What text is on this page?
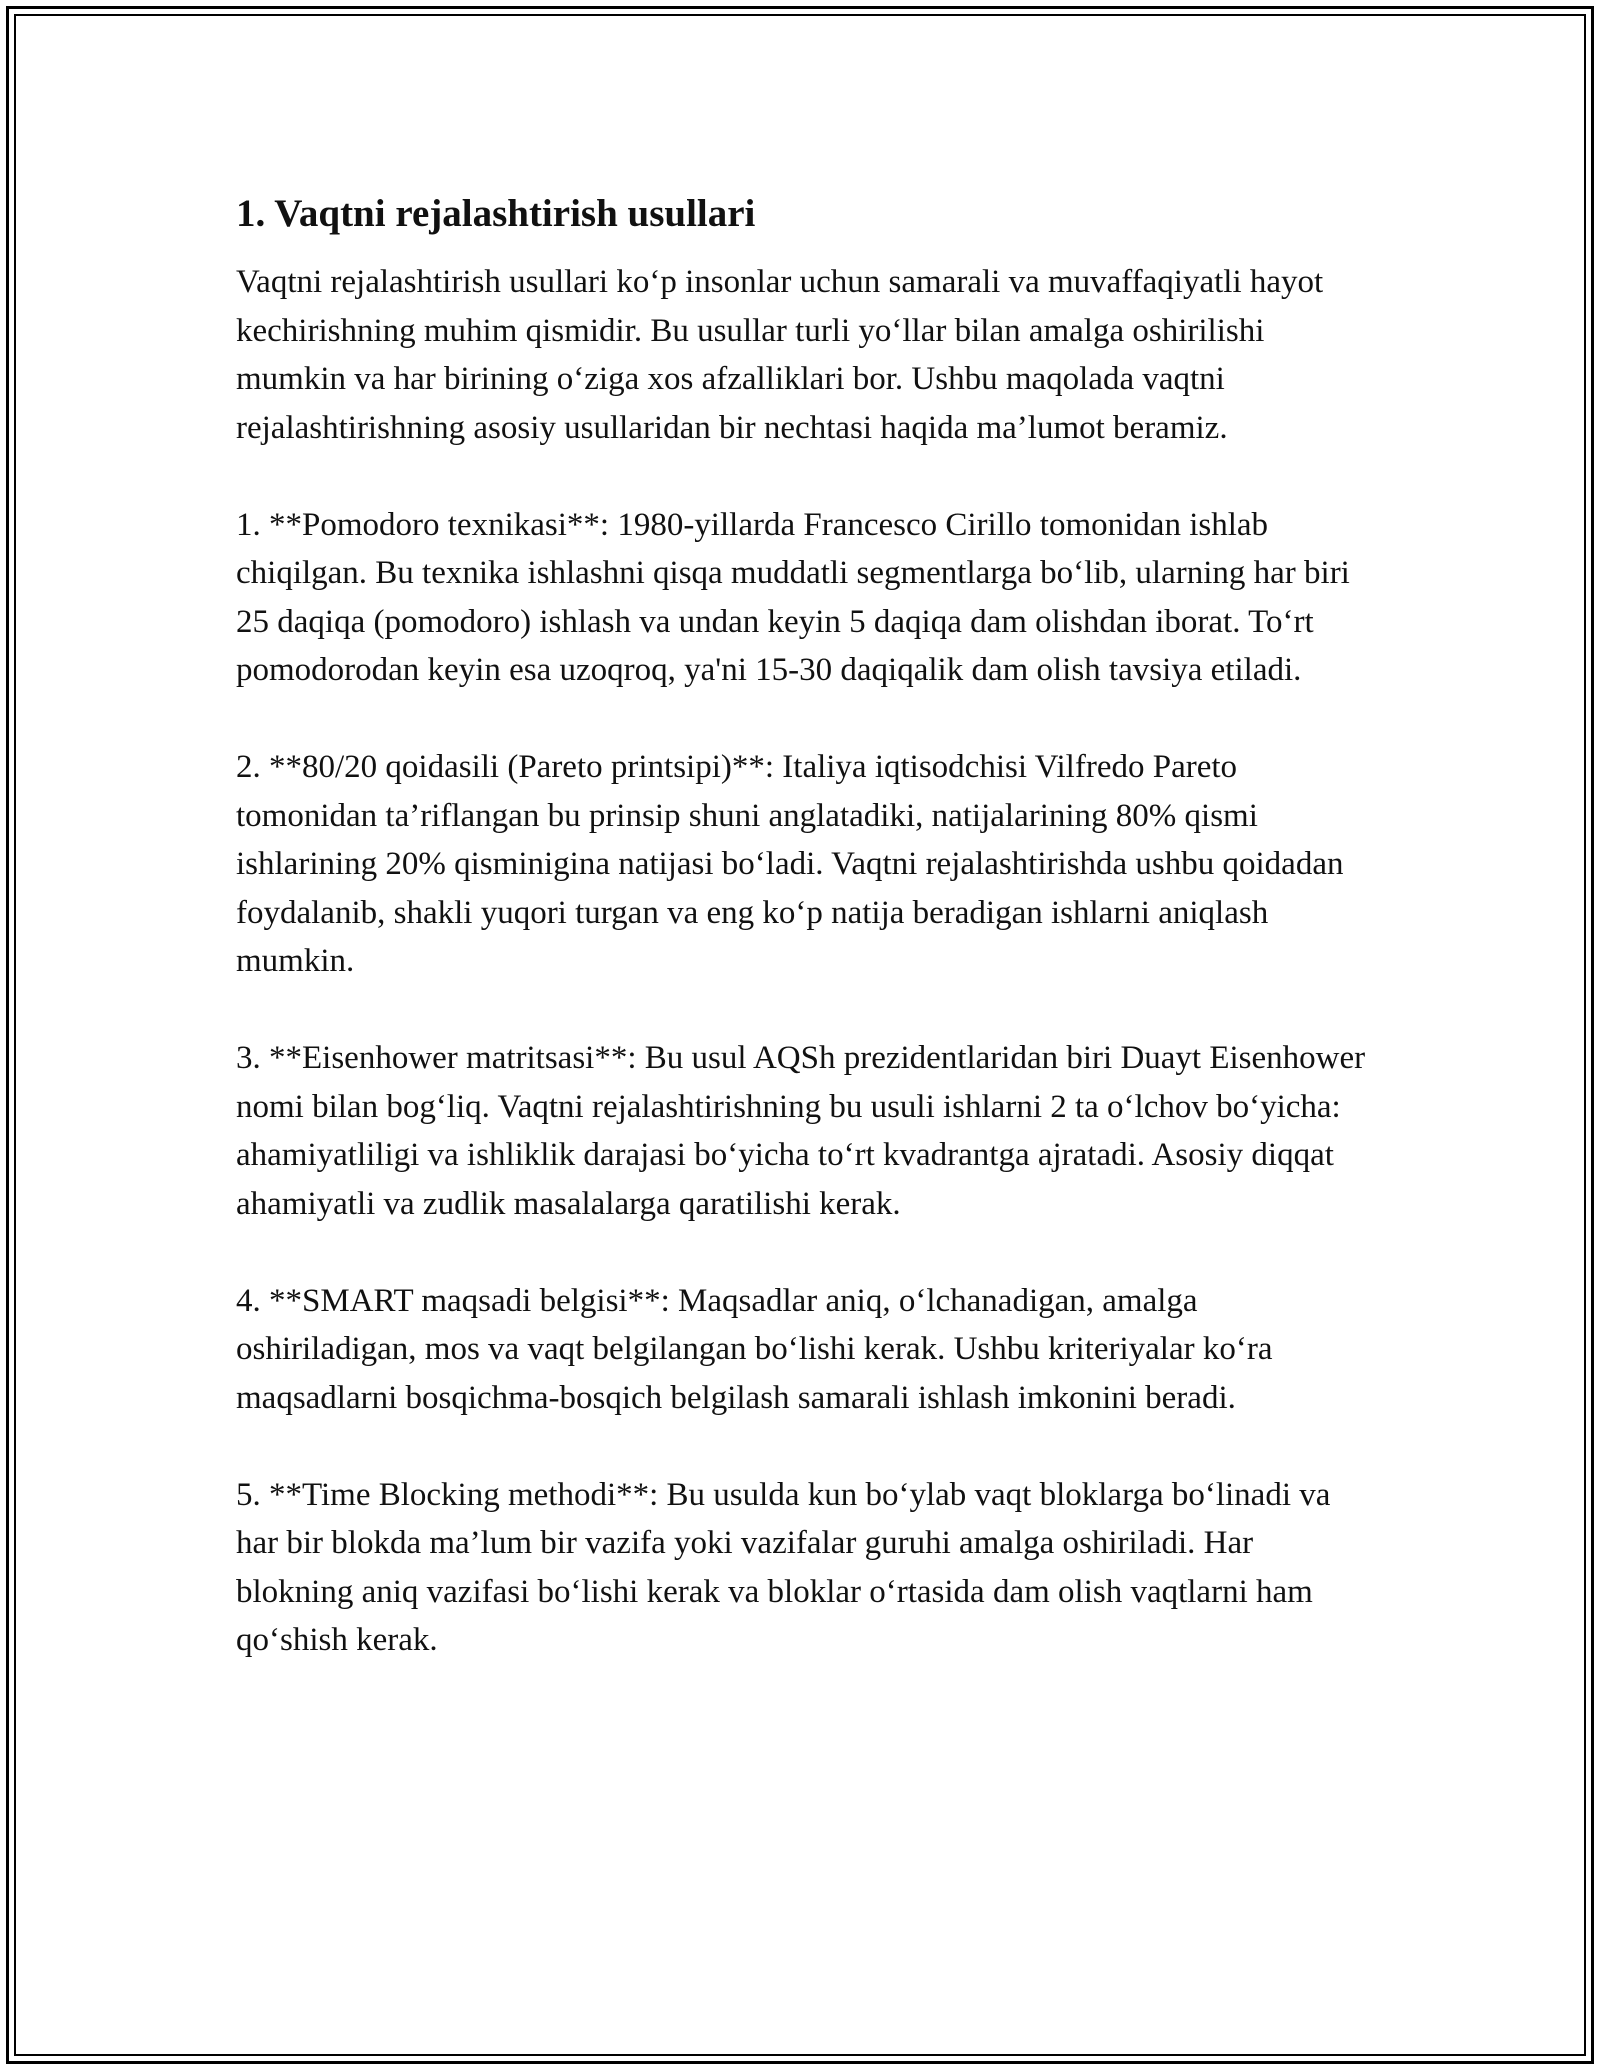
1. Vaqtni rejalashtirish usullari

Vaqtni rejalashtirish usullari ko‘p insonlar uchun samarali va muvaffaqiyatli hayot kechirishning muhim qismidir. Bu usullar turli yo‘llar bilan amalga oshirilishi mumkin va har birining o‘ziga xos afzalliklari bor. Ushbu maqolada vaqtni rejalashtirishning asosiy usullaridan bir nechtasi haqida ma’lumot beramiz.

1. **Pomodoro texnikasi**: 1980-yillarda Francesco Cirillo tomonidan ishlab chiqilgan. Bu texnika ishlashni qisqa muddatli segmentlarga bo‘lib, ularning har biri 25 daqiqa (pomodoro) ishlash va undan keyin 5 daqiqa dam olishdan iborat. To‘rt pomodorodan keyin esa uzoqroq, ya'ni 15-30 daqiqalik dam olish tavsiya etiladi.

2. **80/20 qoidasili (Pareto printsipi)**: Italiya iqtisodchisi Vilfredo Pareto tomonidan ta’riflangan bu prinsip shuni anglatadiki, natijalarining 80% qismi ishlarining 20% qisminigina natijasi bo‘ladi. Vaqtni rejalashtirishda ushbu qoidadan foydalanib, shakli yuqori turgan va eng ko‘p natija beradigan ishlarni aniqlash mumkin.

3. **Eisenhower matritsasi**: Bu usul AQSh prezidentlaridan biri Duayt Eisenhower nomi bilan bog‘liq. Vaqtni rejalashtirishning bu usuli ishlarni 2 ta o‘lchov bo‘yicha: ahamiyatliligi va ishliklik darajasi bo‘yicha to‘rt kvadrantga ajratadi. Asosiy diqqat ahamiyatli va zudlik masalalarga qaratilishi kerak.

4. **SMART maqsadi belgisi**: Maqsadlar aniq, o‘lchanadigan, amalga oshiriladigan, mos va vaqt belgilangan bo‘lishi kerak. Ushbu kriteriyalar ko‘ra maqsadlarni bosqichma-bosqich belgilash samarali ishlash imkonini beradi.

5. **Time Blocking methodi**: Bu usulda kun bo‘ylab vaqt bloklarga bo‘linadi va har bir blokda ma’lum bir vazifa yoki vazifalar guruhi amalga oshiriladi. Har blokning aniq vazifasi bo‘lishi kerak va bloklar o‘rtasida dam olish vaqtlarni ham qo‘shish kerak.
